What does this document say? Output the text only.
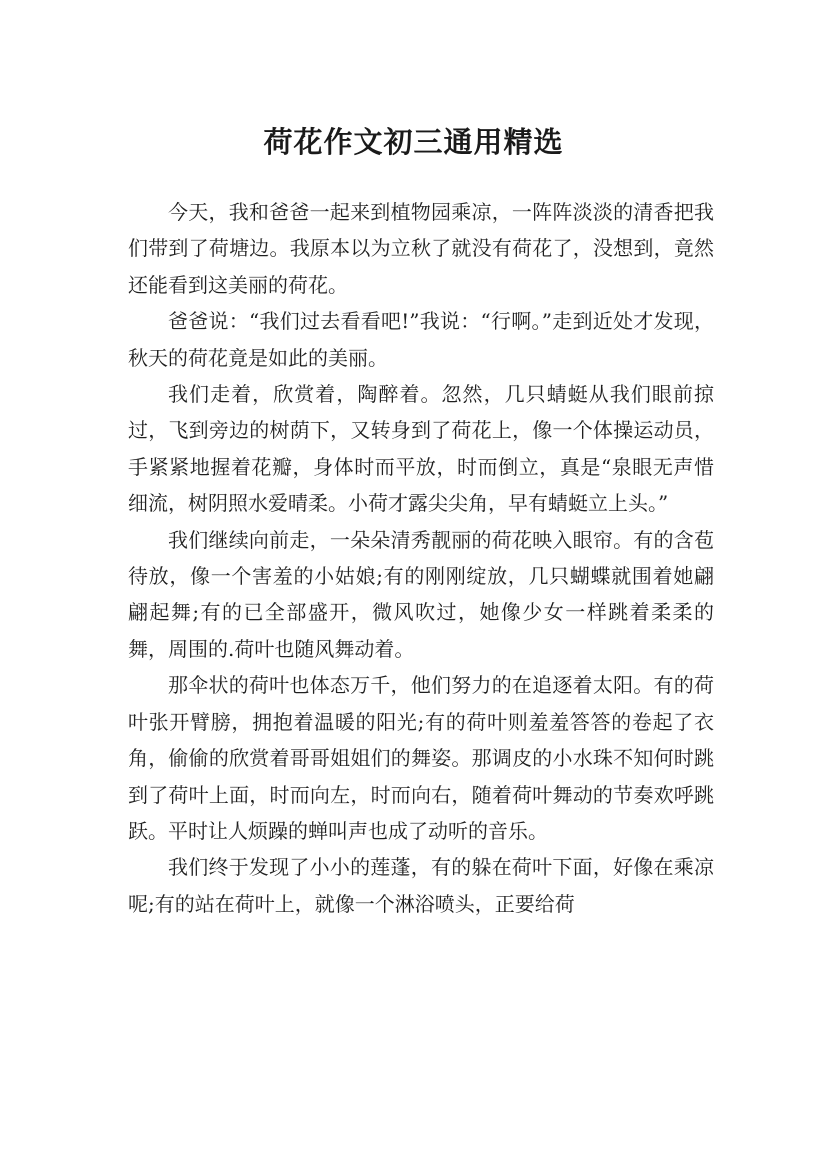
荷花作文初三通用精选

今天，我和爸爸一起来到植物园乘凉，一阵阵淡淡的清香把我们带到了荷塘边。我原本以为立秋了就没有荷花了，没想到，竟然还能看到这美丽的荷花。

爸爸说：“我们过去看看吧!”我说：“行啊。”走到近处才发现，秋天的荷花竟是如此的美丽。

我们走着，欣赏着，陶醉着。忽然，几只蜻蜓从我们眼前掠过，飞到旁边的树荫下，又转身到了荷花上，像一个体操运动员，手紧紧地握着花瓣，身体时而平放，时而倒立，真是“泉眼无声惜细流，树阴照水爱晴柔。小荷才露尖尖角，早有蜻蜓立上头。”

我们继续向前走，一朵朵清秀靓丽的荷花映入眼帘。有的含苞待放，像一个害羞的小姑娘;有的刚刚绽放，几只蝴蝶就围着她翩翩起舞;有的已全部盛开，微风吹过，她像少女一样跳着柔柔的舞，周围的.荷叶也随风舞动着。

那伞状的荷叶也体态万千，他们努力的在追逐着太阳。有的荷叶张开臂膀，拥抱着温暖的阳光;有的荷叶则羞羞答答的卷起了衣角，偷偷的欣赏着哥哥姐姐们的舞姿。那调皮的小水珠不知何时跳到了荷叶上面，时而向左，时而向右，随着荷叶舞动的节奏欢呼跳跃。平时让人烦躁的蝉叫声也成了动听的音乐。

我们终于发现了小小的莲蓬，有的躲在荷叶下面，好像在乘凉呢;有的站在荷叶上，就像一个淋浴喷头，正要给荷
